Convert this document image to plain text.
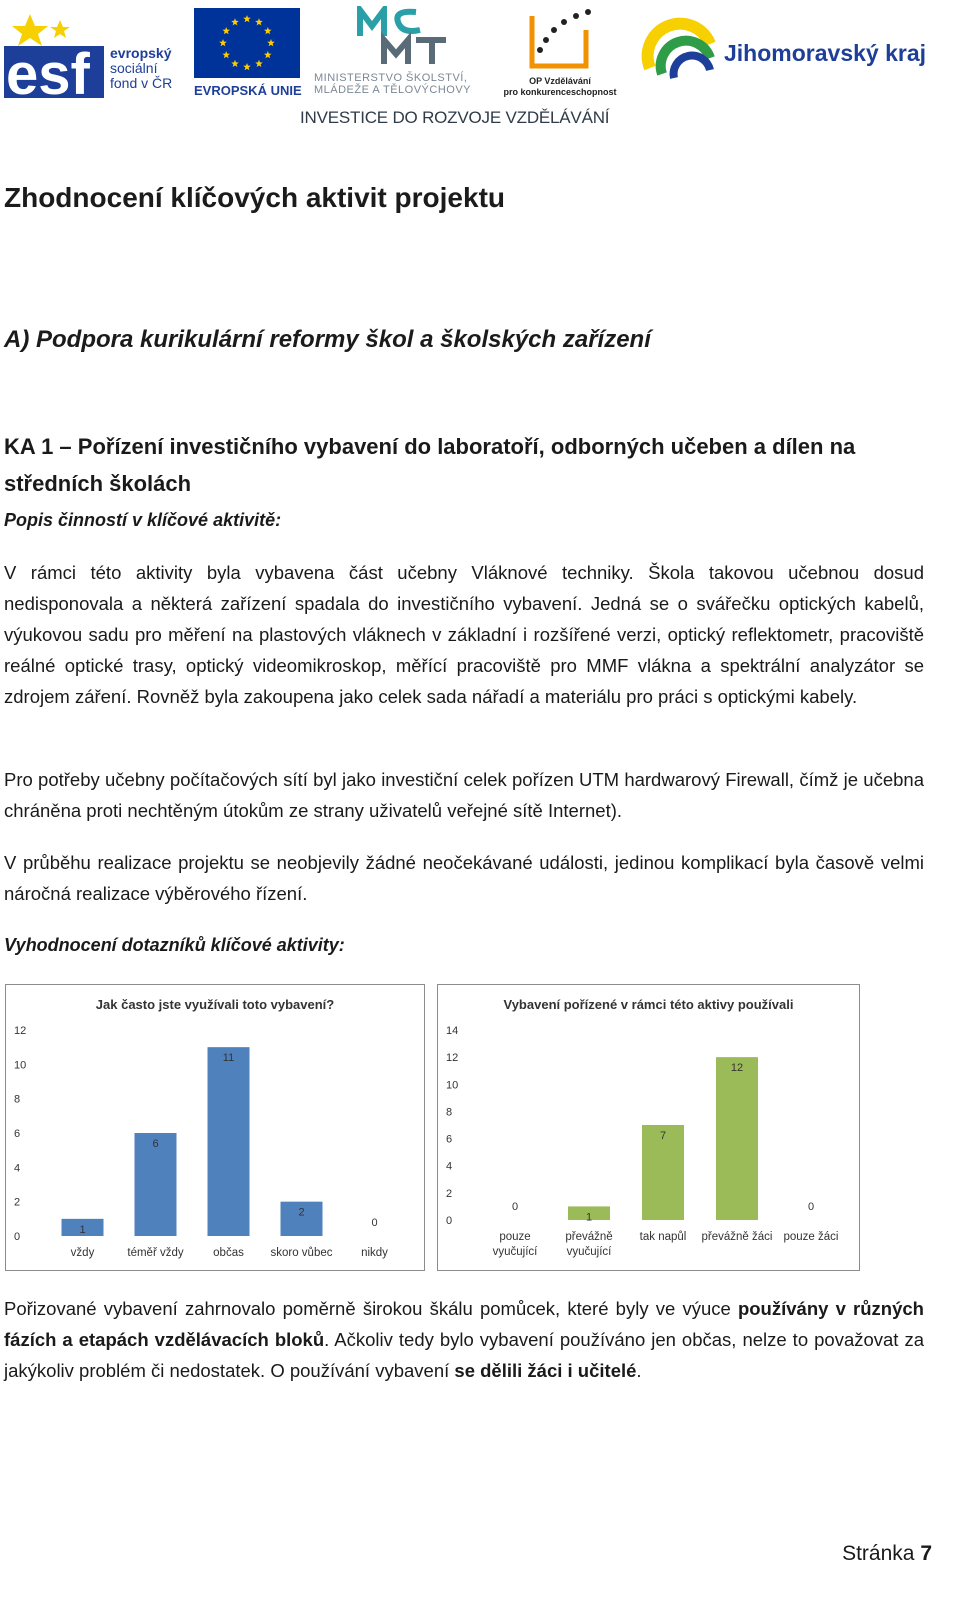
esf evropský
sociální
fond v ČR EVROPSKÁ UNIE
MINISTERSTVO ŠKOLSTVÍ,
MLÁDEŽE A TĚLOVÝCHOVY
OP Vzdělávání
pro konkurenceschopnost
Jihomoravský kraj
INVESTICE DO ROZVOJE VZDĚLÁVÁNÍ
Zhodnocení klíčových aktivit projektu
A) Podpora kurikulární reformy škol a školských zařízení
KA 1 – Pořízení investičního vybavení do laboratoří, odborných učeben a dílen na středních školách

Popis činností v klíčové aktivitě:

V rámci této aktivity byla vybavena část učebny Vláknové techniky. Škola takovou učebnou dosud nedisponovala a některá zařízení spadala do investičního vybavení. Jedná se o svářečku optických kabelů, výukovou sadu pro měření na plastových vláknech v základní i rozšířené verzi, optický reflektometr, pracoviště reálné optické trasy, optický videomikroskop, měřící pracoviště pro MMF vlákna a spektrální analyzátor se zdrojem záření. Rovněž byla zakoupena jako celek sada nářadí a materiálu pro práci s optickými kabely.

Pro potřeby učebny počítačových sítí byl jako investiční celek pořízen UTM hardwarový Firewall, čímž je učebna chráněna proti nechtěným útokům ze strany uživatelů veřejné sítě Internet).

V průběhu realizace projektu se neobjevily žádné neočekávané události, jedinou komplikací byla časově velmi náročná realizace výběrového řízení.

Vyhodnocení dotazníků klíčové aktivity:

Jak často jste využívali toto vybavení?
0
2
4
6
8
10
12
1
vždy
6
téměř vždy
11
občas
2
skoro vůbec
0
nikdy
Vybavení pořízené v rámci této aktivy používali
0
2
4
6
8
10
12
14
0
pouze
vyučující
1
převážně
vyučující
7
tak napůl
12
převážně žáci
0
pouze žáci

Pořizované vybavení zahrnovalo poměrně širokou škálu pomůcek, které byly ve výuce používány v různých fázích a etapách vzdělávacích bloků. Ačkoliv tedy bylo vybavení používáno jen občas, nelze to považovat za jakýkoliv problém či nedostatek. O používání vybavení se dělili žáci i učitelé.

Stránka 7
